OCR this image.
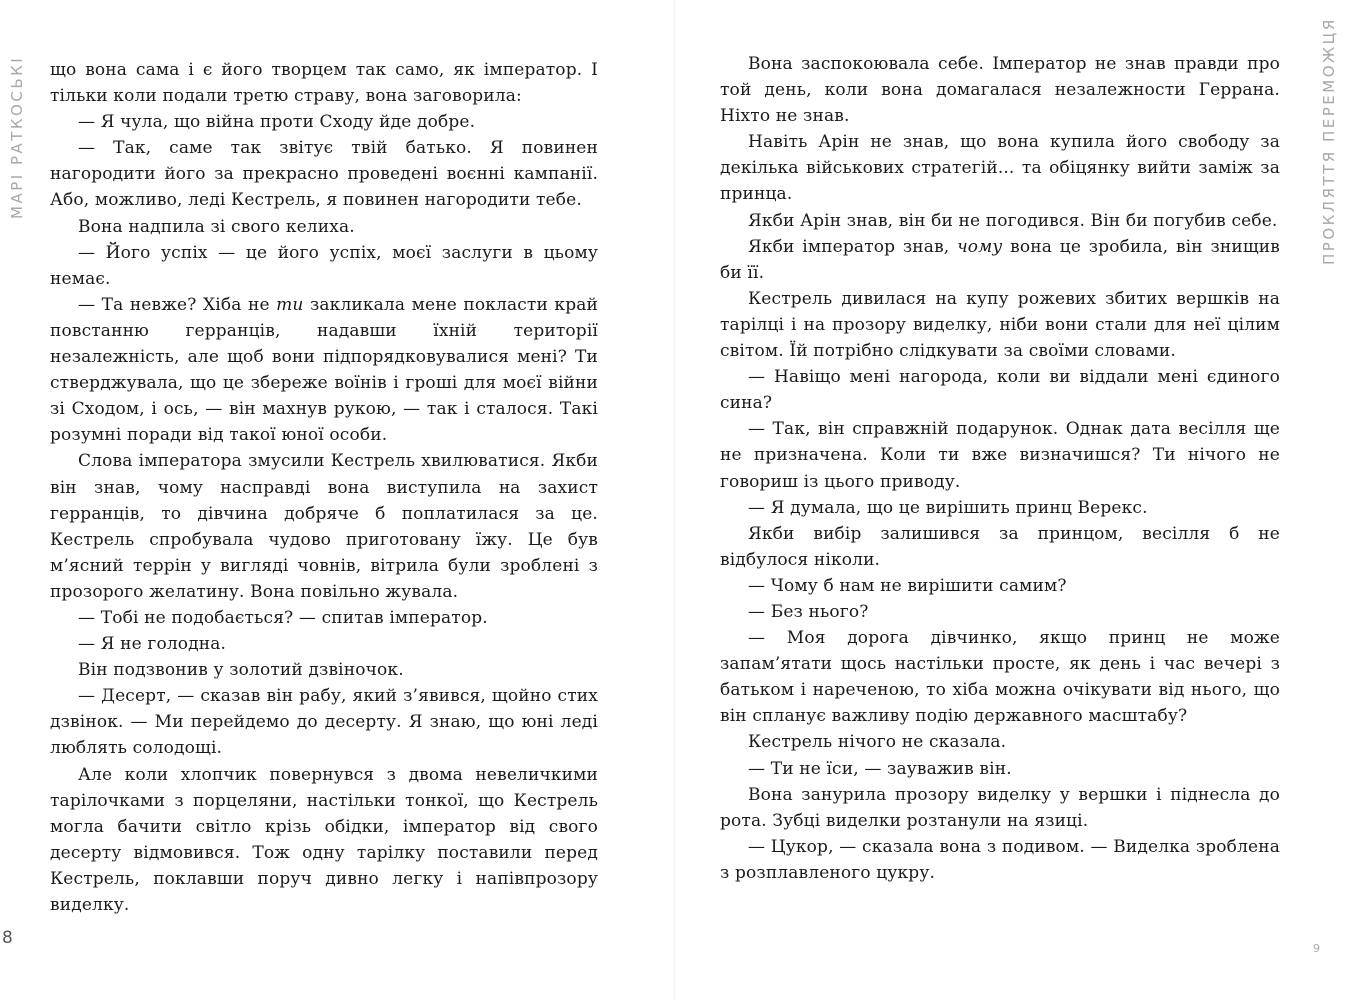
МАРІ РАТКОСЬКІ що вона сама і є його творцем так само, як імператор. І тільки коли подали третю страву, вона заговорила:

— Я чула, що війна проти Сходу йде добре.

— Так, саме так звітує твій батько. Я повинен нагородити його за прекрасно проведені воєнні кампанії. Або, можливо, леді Кестрель, я повинен нагородити тебе.

Вона надпила зі свого келиха.

— Його успіх — це його успіх, моєї заслуги в цьому немає.

— Та невже? Хіба не ти закликала мене покласти край повстанню герранців, надавши їхній території незалежність, але щоб вони підпорядковувалися мені? Ти стверджувала, що це збереже воїнів і гроші для моєї війни зі Сходом, і ось, — він махнув рукою, — так і сталося. Такі розумні поради від такої юної особи.

Слова імператора змусили Кестрель хвилюватися. Якби він знав, чому насправді вона виступила на захист герранців, то дівчина добряче б поплатилася за це. Кестрель спробувала чудово приготовану їжу. Це був м’ясний террін у вигляді човнів, вітрила були зроблені з прозорого желатину. Вона повільно жувала.

— Тобі не подобається? — спитав імператор.

— Я не голодна.

Він подзвонив у золотий дзвіночок.

— Десерт, — сказав він рабу, який з’явився, щойно стих дзвінок. — Ми перейдемо до десерту. Я знаю, що юні леді люблять солодощі.

Але коли хлопчик повернувся з двома невеличкими тарілочками з порцеляни, настільки тонкої, що Кестрель могла бачити світло крізь обідки, імператор від свого десерту відмовився. Тож одну тарілку поставили перед Кестрель, поклавши поруч дивно легку і напівпрозору виделку.

8

Вона заспокоювала себе. Імператор не знав правди про той день, коли вона домагалася незалежности Геррана. Ніхто не знав.

Навіть Арін не знав, що вона купила його свободу за декілька військових стратегій... та обіцянку вийти заміж за принца.

Якби Арін знав, він би не погодився. Він би погубив себе.

Якби імператор знав, чому вона це зробила, він знищив би її.

Кестрель дивилася на купу рожевих збитих вершків на тарілці і на прозору виделку, ніби вони стали для неї цілим світом. Їй потрібно слідкувати за своїми словами.

— Навіщо мені нагорода, коли ви віддали мені єдиного сина?

— Так, він справжній подарунок. Однак дата весілля ще не призначена. Коли ти вже визначишся? Ти нічого не говориш із цього приводу.

— Я думала, що це вирішить принц Верекс.

Якби вибір залишився за принцом, весілля б не відбулося ніколи.

— Чому б нам не вирішити самим?

— Без нього?

— Моя дорога дівчинко, якщо принц не може запам’ятати щось настільки просте, як день і час вечері з батьком і нареченою, то хіба можна очікувати від нього, що він спланує важливу подію державного масштабу?

Кестрель нічого не сказала.

— Ти не їси, — зауважив він.

Вона занурила прозору виделку у вершки і піднесла до рота. Зубці виделки розтанули на язиці.

— Цукор, — сказала вона з подивом. — Виделка зроблена з розплавленого цукру.

ПРОКЛЯТТЯ ПЕРЕМОЖЦЯ
9
